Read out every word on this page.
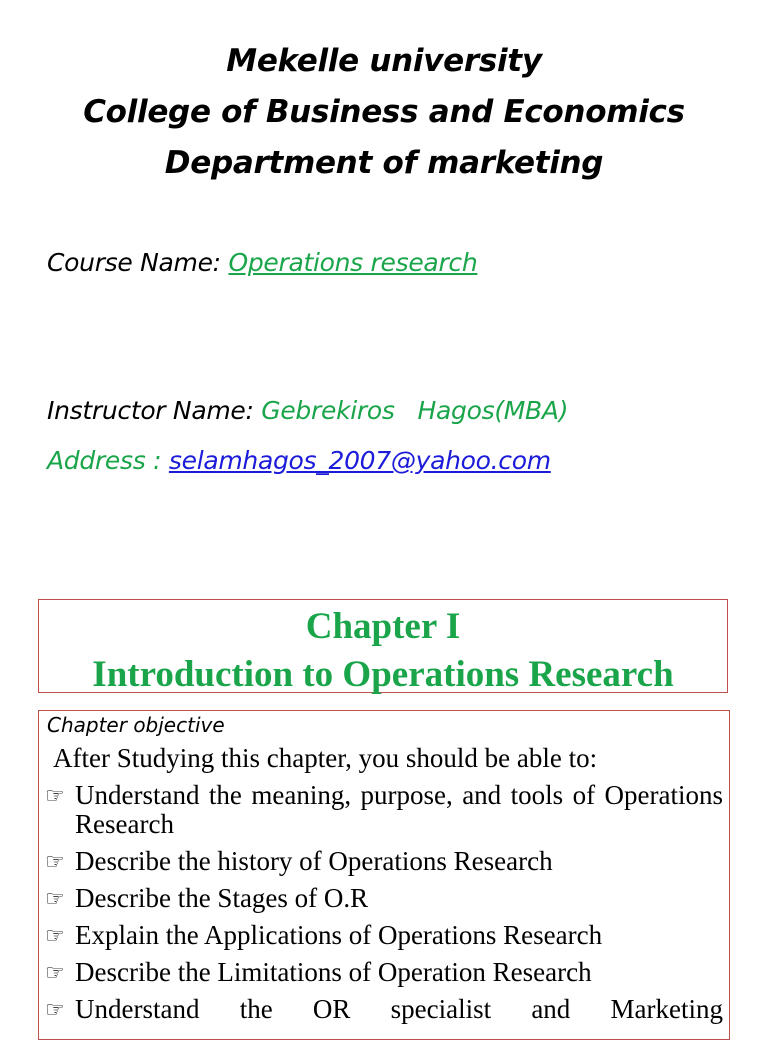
Mekelle university
College of Business and Economics
Department of marketing
Course Name: Operations research
Instructor Name: Gebrekiros   Hagos(MBA)
Address : selamhagos_2007@yahoo.com
Chapter I
Introduction to Operations Research
Chapter objective
After Studying this chapter, you should be able to:
☞ Understand the meaning, purpose, and tools of Operations Research
☞ Describe the history of Operations Research
☞ Describe the Stages of O.R
☞ Explain the Applications of Operations Research
☞ Describe the Limitations of Operation Research
☞ Understand the OR specialist and Marketing
